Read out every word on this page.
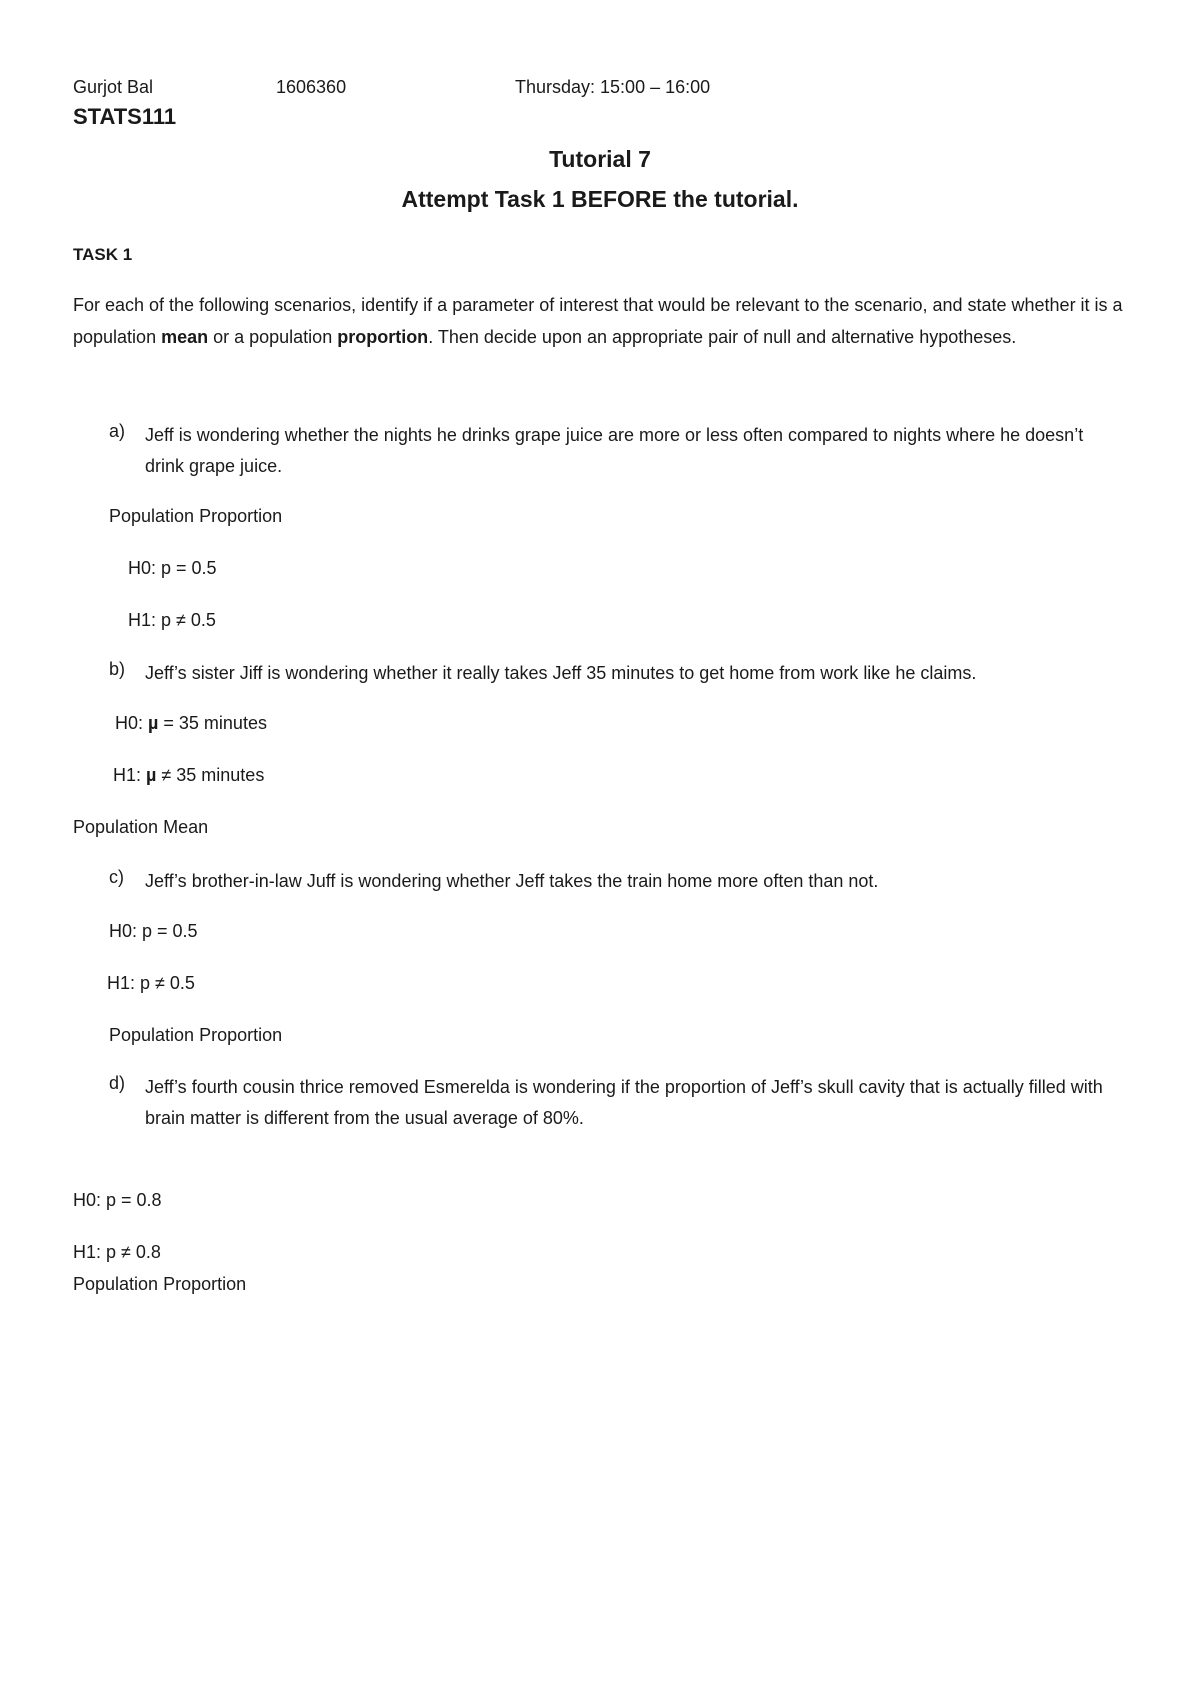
Gurjot Bal	1606360	Thursday: 15:00 – 16:00
STATS111
Tutorial 7
Attempt Task 1 BEFORE the tutorial.
TASK 1
For each of the following scenarios, identify if a parameter of interest that would be relevant to the scenario, and state whether it is a population mean or a population proportion. Then decide upon an appropriate pair of null and alternative hypotheses.
a)	Jeff is wondering whether the nights he drinks grape juice are more or less often compared to nights where he doesn’t drink grape juice.
Population Proportion
H0: p = 0.5
H1: p ≠ 0.5
b)	Jeff’s sister Jiff is wondering whether it really takes Jeff 35 minutes to get home from work like he claims.
H0: µ = 35 minutes
H1: µ ≠ 35 minutes
Population Mean
c)	Jeff’s brother-in-law Juff is wondering whether Jeff takes the train home more often than not.
H0: p = 0.5
H1: p ≠ 0.5
Population Proportion
d)	Jeff’s fourth cousin thrice removed Esmerelda is wondering if the proportion of Jeff’s skull cavity that is actually filled with brain matter is different from the usual average of 80%.
H0: p = 0.8
H1: p ≠ 0.8
Population Proportion
